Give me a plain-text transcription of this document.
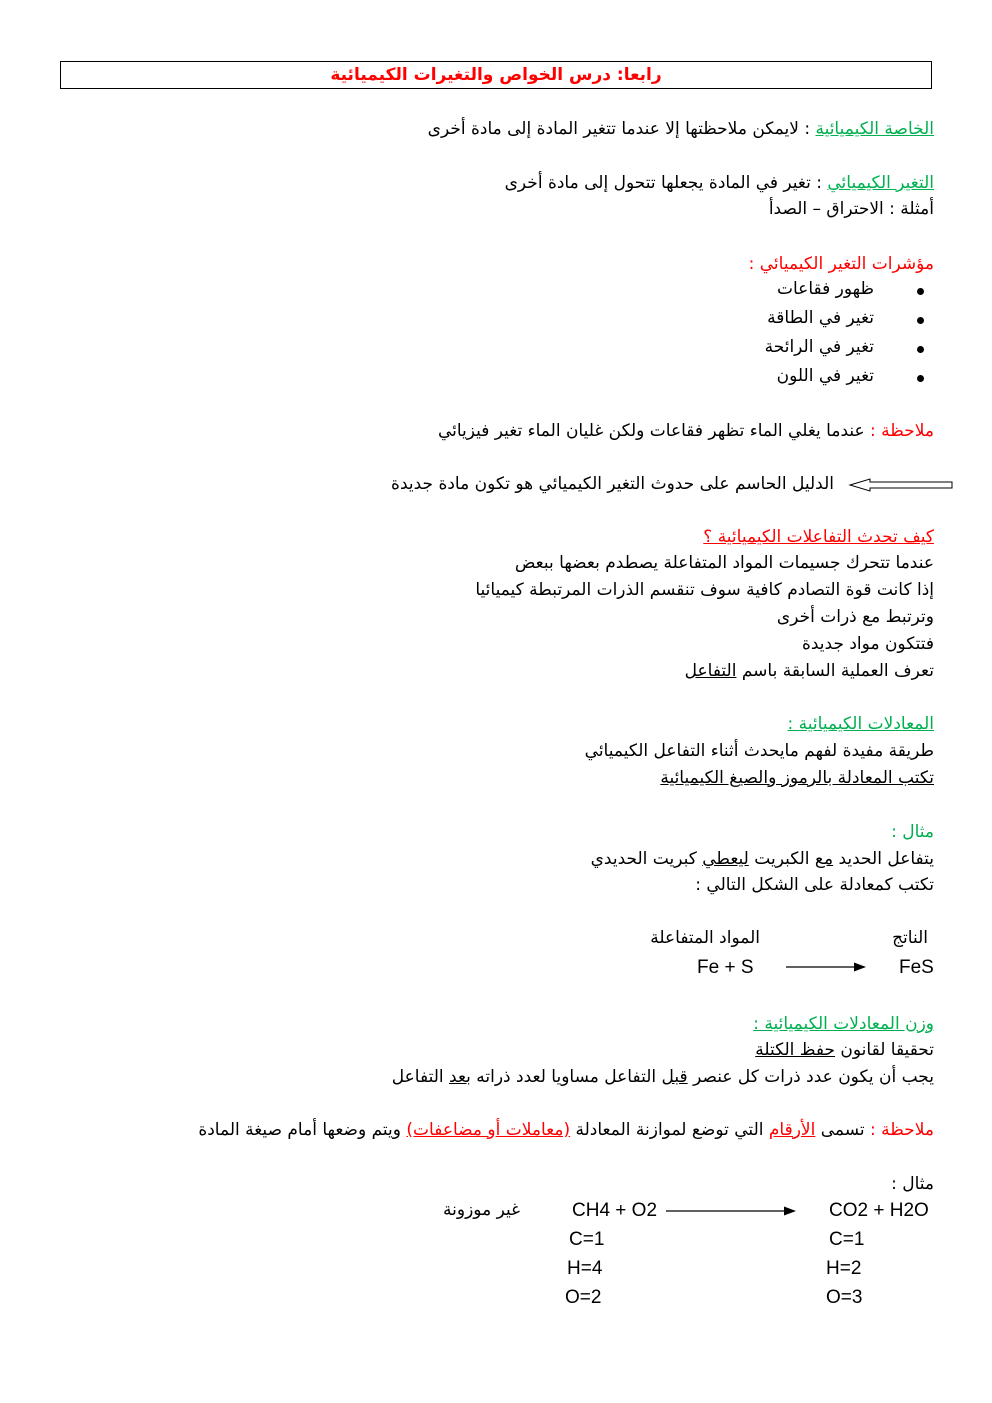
رابعا: درس الخواص والتغيرات الكيميائية
الخاصة الكيميائية : لايمكن ملاحظتها إلا عندما تتغير المادة إلى مادة أخرى
التغير الكيميائي : تغير في المادة يجعلها تتحول إلى مادة أخرى
أمثلة : الاحتراق – الصدأ
مؤشرات التغير الكيميائي :
ظهور فقاعات
تغير في الطاقة
تغير في الرائحة
تغير في اللون
ملاحظة : عندما يغلي الماء تظهر فقاعات ولكن غليان الماء تغير فيزيائي
الدليل الحاسم على حدوث التغير الكيميائي هو تكون مادة جديدة
كيف تحدث التفاعلات الكيميائية ؟
عندما تتحرك جسيمات المواد المتفاعلة يصطدم بعضها ببعض
إذا كانت قوة التصادم كافية سوف تنقسم الذرات المرتبطة كيميائيا
وترتبط مع ذرات أخرى
فتتكون مواد جديدة
تعرف العملية السابقة باسم التفاعل
المعادلات الكيميائية :
طريقة مفيدة لفهم مايحدث أثناء التفاعل الكيميائي
تكتب المعادلة بالرموز والصيغ الكيميائية
مثال :
يتفاعل الحديد مع الكبريت ليعطي كبريت الحديدي
تكتب كمعادلة على الشكل التالي :
الناتج
المواد المتفاعلة
FeS
Fe + S
وزن المعادلات الكيميائية :
تحقيقا لقانون حفظ الكتلة
يجب أن يكون عدد ذرات كل عنصر قبل التفاعل مساويا لعدد ذراته بعد التفاعل
ملاحظة : تسمى الأرقام التي توضع لموازنة المعادلة (معاملات أو مضاعفات) ويتم وضعها أمام صيغة المادة
مثال :
CO2 + H2O
CH4 + O2
غير موزونة
C=1
H=2
O=3
C=1
H=4
O=2
